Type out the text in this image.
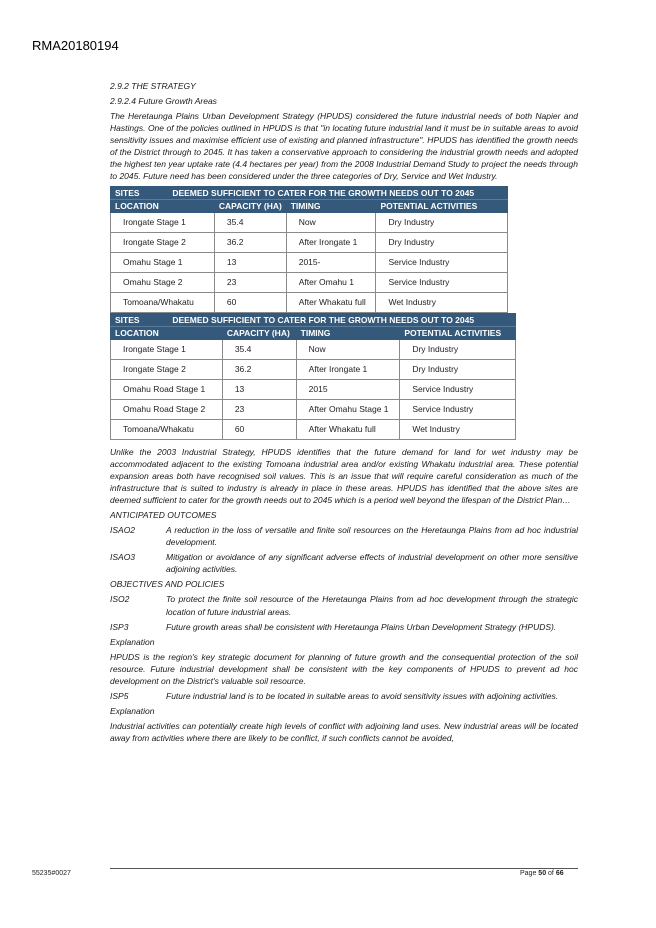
RMA20180194
2.9.2 THE STRATEGY
2.9.2.4 Future Growth Areas
The Heretaunga Plains Urban Development Strategy (HPUDS) considered the future industrial needs of both Napier and Hastings. One of the policies outlined in HPUDS is that "in locating future industrial land it must be in suitable areas to avoid sensitivity issues and maximise efficient use of existing and planned infrastructure". HPUDS has identified the growth needs of the District through to 2045. It has taken a conservative approach to considering the industrial growth needs and adopted the highest ten year uptake rate (4.4 hectares per year) from the 2008 Industrial Demand Study to project the needs through to 2045. Future need has been considered under the three categories of Dry, Service and Wet Industry.
SITES DEEMED SUFFICIENT TO CATER FOR THE GROWTH NEEDS OUT TO 2045			
LOCATION	CAPACITY (HA)	TIMING	POTENTIAL ACTIVITIES
Irongate Stage 1	35.4	Now	Dry Industry
Irongate Stage 2	36.2	After Irongate 1	Dry Industry
Omahu Stage 1	13	2015-	Service Industry
Omahu Stage 2	23	After Omahu 1	Service Industry
Tomoana/Whakatu	60	After Whakatu full	Wet Industry
SITES DEEMED SUFFICIENT TO CATER FOR THE GROWTH NEEDS OUT TO 2045			
LOCATION	CAPACITY (HA)	TIMING	POTENTIAL ACTIVITIES
Irongate Stage 1	35.4	Now	Dry Industry
Irongate Stage 2	36.2	After Irongate 1	Dry Industry
Omahu Road Stage 1	13	2015	Service Industry
Omahu Road Stage 2	23	After Omahu Stage 1	Service Industry
Tomoana/Whakatu	60	After Whakatu full	Wet Industry
Unlike the 2003 Industrial Strategy, HPUDS identifies that the future demand for land for wet industry may be accommodated adjacent to the existing Tomoana industrial area and/or existing Whakatu industrial area. These potential expansion areas both have recognised soil values. This is an issue that will require careful consideration as much of the infrastructure that is suited to industry is already in place in these areas. HPUDS has identified that the above sites are deemed sufficient to cater for the growth needs out to 2045 which is a period well beyond the lifespan of the District Plan…
ANTICIPATED OUTCOMES
ISAO2	A reduction in the loss of versatile and finite soil resources on the Heretaunga Plains from ad hoc industrial development.
ISAO3	Mitigation or avoidance of any significant adverse effects of industrial development on other more sensitive adjoining activities.
OBJECTIVES AND POLICIES
ISO2	To protect the finite soil resource of the Heretaunga Plains from ad hoc development through the strategic location of future industrial areas.
ISP3	Future growth areas shall be consistent with Heretaunga Plains Urban Development Strategy (HPUDS).
Explanation
HPUDS is the region's key strategic document for planning of future growth and the consequential protection of the soil resource. Future industrial development shall be consistent with the key components of HPUDS to prevent ad hoc development on the District's valuable soil resource.
ISP5	Future industrial land is to be located in suitable areas to avoid sensitivity issues with adjoining activities.
Explanation
Industrial activities can potentially create high levels of conflict with adjoining land uses. New industrial areas will be located away from activities where there are likely to be conflict, if such conflicts cannot be avoided,
55235#0027	Page 50 of 66
